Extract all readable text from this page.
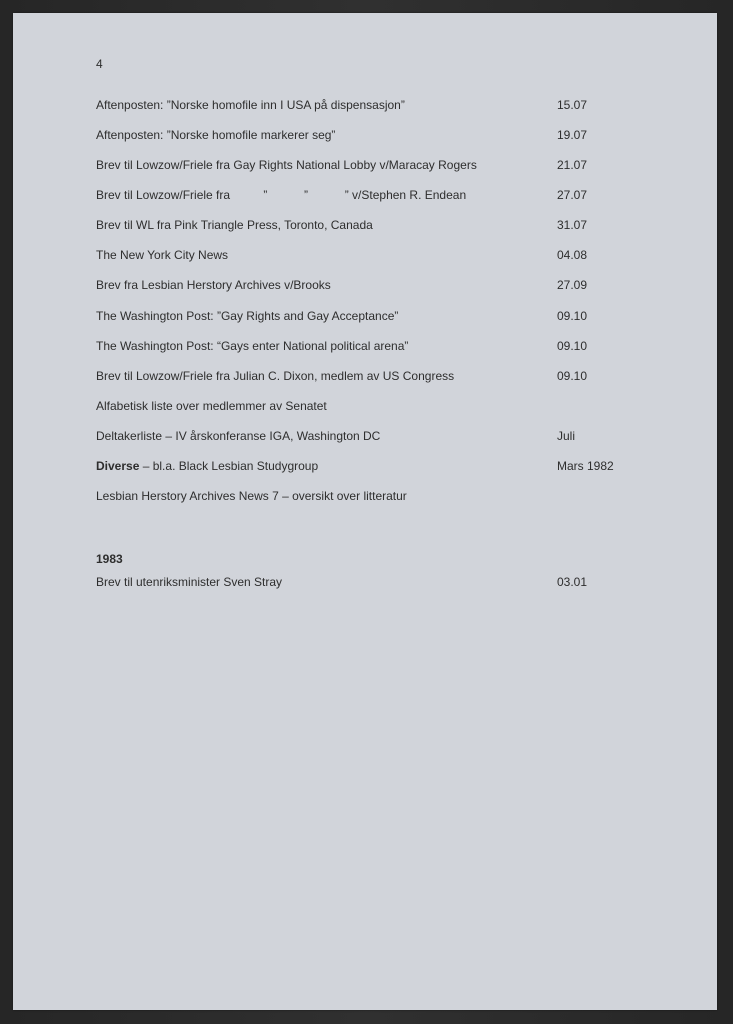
4
Aftenposten: ”Norske homofile inn I USA på dispensasjon”	15.07
Aftenposten: ”Norske homofile markerer seg”	19.07
Brev til Lowzow/Friele fra Gay Rights National Lobby v/Maracay Rogers	21.07
Brev til Lowzow/Friele fra          ”           ”           ” v/Stephen R. Endean	27.07
Brev til WL fra Pink Triangle Press, Toronto, Canada	31.07
The New York City News	04.08
Brev fra Lesbian Herstory Archives v/Brooks	27.09
The Washington Post: ”Gay Rights and Gay Acceptance”	09.10
The Washington Post: “Gays enter National political arena”	09.10
Brev til Lowzow/Friele fra Julian C. Dixon, medlem av US Congress	09.10
Alfabetisk liste over medlemmer av Senatet
Deltakerliste – IV årskonferanse IGA, Washington DC	Juli
Diverse – bl.a. Black Lesbian Studygroup	Mars 1982
Lesbian Herstory Archives News 7 – oversikt over litteratur
1983
Brev til utenriksminister Sven Stray	03.01
